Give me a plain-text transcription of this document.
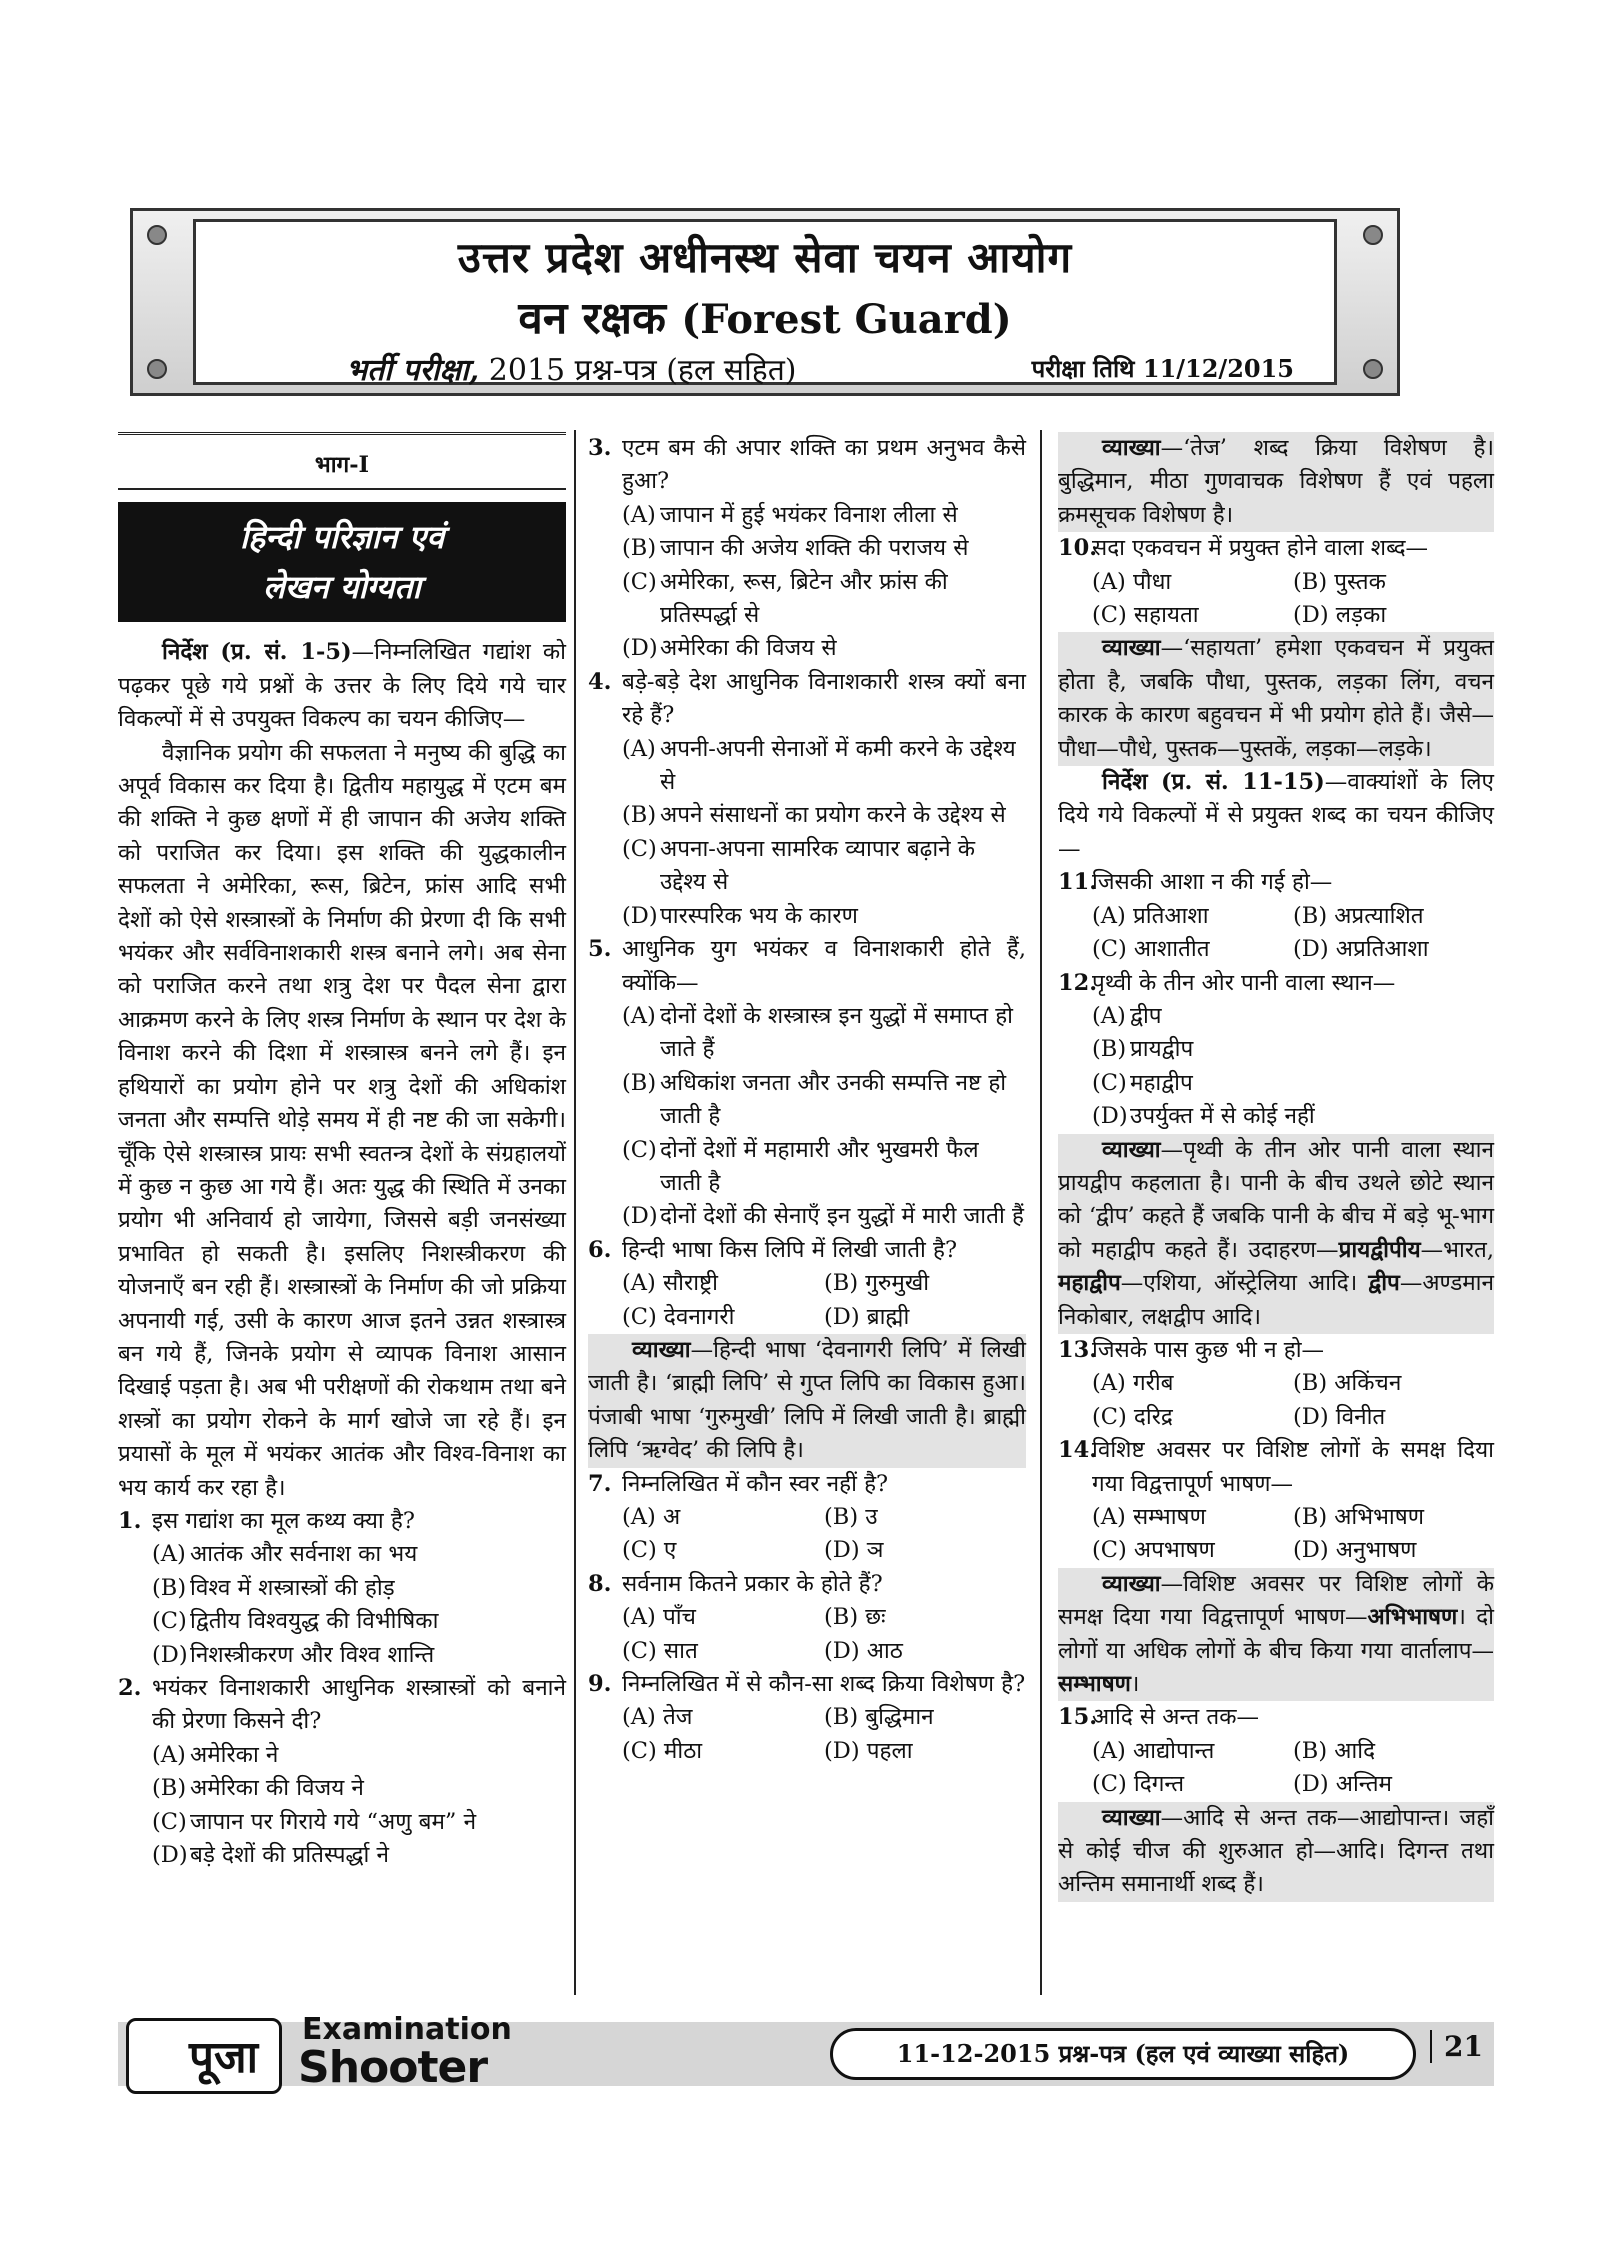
उत्तर प्रदेश अधीनस्थ सेवा चयन आयोग
वन रक्षक (Forest Guard)
भर्ती परीक्षा, 2015 प्रश्न-पत्र (हल सहित)	परीक्षा तिथि 11/12/2015
भाग-I
हिन्दी परिज्ञान एवं
लेखन योग्यता

निर्देश (प्र. सं. 1-5)—निम्नलिखित गद्यांश को पढ़कर पूछे गये प्रश्नों के उत्तर के लिए दिये गये चार विकल्पों में से उपयुक्त विकल्प का चयन कीजिए—

वैज्ञानिक प्रयोग की सफलता ने मनुष्य की बुद्धि का अपूर्व विकास कर दिया है। द्वितीय महायुद्ध में एटम बम की शक्ति ने कुछ क्षणों में ही जापान की अजेय शक्ति को पराजित कर दिया। इस शक्ति की युद्धकालीन सफलता ने अमेरिका, रूस, ब्रिटेन, फ्रांस आदि सभी देशों को ऐसे शस्त्रास्त्रों के निर्माण की प्रेरणा दी कि सभी भयंकर और सर्वविनाशकारी शस्त्र बनाने लगे। अब सेना को पराजित करने तथा शत्रु देश पर पैदल सेना द्वारा आक्रमण करने के लिए शस्त्र निर्माण के स्थान पर देश के विनाश करने की दिशा में शस्त्रास्त्र बनने लगे हैं। इन हथियारों का प्रयोग होने पर शत्रु देशों की अधिकांश जनता और सम्पत्ति थोड़े समय में ही नष्ट की जा सकेगी। चूँकि ऐसे शस्त्रास्त्र प्रायः सभी स्वतन्त्र देशों के संग्रहालयों में कुछ न कुछ आ गये हैं। अतः युद्ध की स्थिति में उनका प्रयोग भी अनिवार्य हो जायेगा, जिससे बड़ी जनसंख्या प्रभावित हो सकती है। इसलिए निशस्त्रीकरण की योजनाएँ बन रही हैं। शस्त्रास्त्रों के निर्माण की जो प्रक्रिया अपनायी गई, उसी के कारण आज इतने उन्नत शस्त्रास्त्र बन गये हैं, जिनके प्रयोग से व्यापक विनाश आसान दिखाई पड़ता है। अब भी परीक्षणों की रोकथाम तथा बने शस्त्रों का प्रयोग रोकने के मार्ग खोजे जा रहे हैं। इन प्रयासों के मूल में भयंकर आतंक और विश्व-विनाश का भय कार्य कर रहा है।

1. इस गद्यांश का मूल कथ्य क्या है?
(A) आतंक और सर्वनाश का भय
(B) विश्व में शस्त्रास्त्रों की होड़
(C) द्वितीय विश्वयुद्ध की विभीषिका
(D) निशस्त्रीकरण और विश्व शान्ति
2. भयंकर विनाशकारी आधुनिक शस्त्रास्त्रों को बनाने की प्रेरणा किसने दी?
(A) अमेरिका ने
(B) अमेरिका की विजय ने
(C) जापान पर गिराये गये “अणु बम” ने
(D) बड़े देशों की प्रतिस्पर्द्धा ने
3. एटम बम की अपार शक्ति का प्रथम अनुभव कैसे हुआ?
(A) जापान में हुई भयंकर विनाश लीला से
(B) जापान की अजेय शक्ति की पराजय से
(C) अमेरिका, रूस, ब्रिटेन और फ्रांस की प्रतिस्पर्द्धा से
(D) अमेरिका की विजय से
4. बड़े-बड़े देश आधुनिक विनाशकारी शस्त्र क्यों बना रहे हैं?
(A) अपनी-अपनी सेनाओं में कमी करने के उद्देश्य से
(B) अपने संसाधनों का प्रयोग करने के उद्देश्य से
(C) अपना-अपना सामरिक व्यापार बढ़ाने के उद्देश्य से
(D) पारस्परिक भय के कारण
5. आधुनिक युग भयंकर व विनाशकारी होते हैं, क्योंकि—
(A) दोनों देशों के शस्त्रास्त्र इन युद्धों में समाप्त हो जाते हैं
(B) अधिकांश जनता और उनकी सम्पत्ति नष्ट हो जाती है
(C) दोनों देशों में महामारी और भुखमरी फैल जाती है
(D) दोनों देशों की सेनाएँ इन युद्धों में मारी जाती हैं
6. हिन्दी भाषा किस लिपि में लिखी जाती है?
(A) सौराष्ट्री	(B) गुरुमुखी
(C) देवनागरी	(D) ब्राह्मी

व्याख्या—हिन्दी भाषा ‘देवनागरी लिपि’ में लिखी जाती है। ‘ब्राह्मी लिपि’ से गुप्त लिपि का विकास हुआ। पंजाबी भाषा ‘गुरुमुखी’ लिपि में लिखी जाती है। ब्राह्मी लिपि ‘ऋग्वेद’ की लिपि है।

7. निम्नलिखित में कौन स्वर नहीं है?
(A) अ	(B) उ
(C) ए	(D) ञ
8. सर्वनाम कितने प्रकार के होते हैं?
(A) पाँच	(B) छः
(C) सात	(D) आठ
9. निम्नलिखित में से कौन-सा शब्द क्रिया विशेषण है?
(A) तेज	(B) बुद्धिमान
(C) मीठा	(D) पहला

व्याख्या—‘तेज’ शब्द क्रिया विशेषण है। बुद्धिमान, मीठा गुणवाचक विशेषण हैं एवं पहला क्रमसूचक विशेषण है।

10.
सदा एकवचन में प्रयुक्त होने वाला शब्द—
(A) पौधा	(B) पुस्तक
(C) सहायता	(D) लड़का

व्याख्या—‘सहायता’ हमेशा एकवचन में प्रयुक्त होता है, जबकि पौधा, पुस्तक, लड़का लिंग, वचन कारक के कारण बहुवचन में भी प्रयोग होते हैं। जैसे—पौधा—पौधे, पुस्तक—पुस्तकें, लड़का—लड़के।

निर्देश (प्र. सं. 11-15)—वाक्यांशों के लिए दिये गये विकल्पों में से प्रयुक्त शब्द का चयन कीजिए—

11.
जिसकी आशा न की गई हो—
(A) प्रतिआशा	(B) अप्रत्याशित
(C) आशातीत	(D) अप्रतिआशा
12.
पृथ्वी के तीन ओर पानी वाला स्थान—
(A) द्वीप
(B) प्रायद्वीप
(C) महाद्वीप
(D) उपर्युक्त में से कोई नहीं

व्याख्या—पृथ्वी के तीन ओर पानी वाला स्थान प्रायद्वीप कहलाता है। पानी के बीच उथले छोटे स्थान को ‘द्वीप’ कहते हैं जबकि पानी के बीच में बड़े भू-भाग को महाद्वीप कहते हैं। उदाहरण—प्रायद्वीपीय—भारत, महाद्वीप—एशिया, ऑस्ट्रेलिया आदि। द्वीप—अण्डमान निकोबार, लक्षद्वीप आदि।

13.
जिसके पास कुछ भी न हो—
(A) गरीब	(B) अकिंचन
(C) दरिद्र	(D) विनीत
14.
विशिष्ट अवसर पर विशिष्ट लोगों के समक्ष दिया गया विद्वत्तापूर्ण भाषण—
(A) सम्भाषण	(B) अभिभाषण
(C) अपभाषण	(D) अनुभाषण

व्याख्या—विशिष्ट अवसर पर विशिष्ट लोगों के समक्ष दिया गया विद्वत्तापूर्ण भाषण—अभिभाषण। दो लोगों या अधिक लोगों के बीच किया गया वार्तालाप—सम्भाषण।

15.
आदि से अन्त तक—
(A) आद्योपान्त	(B) आदि
(C) दिगन्त	(D) अन्तिम

व्याख्या—आदि से अन्त तक—आद्योपान्त। जहाँ से कोई चीज की शुरुआत हो—आदि। दिगन्त तथा अन्तिम समानार्थी शब्द हैं।

पूजा
Examination
Shooter	11-12-2015 प्रश्न-पत्र (हल एवं व्याख्या सहित)	21
